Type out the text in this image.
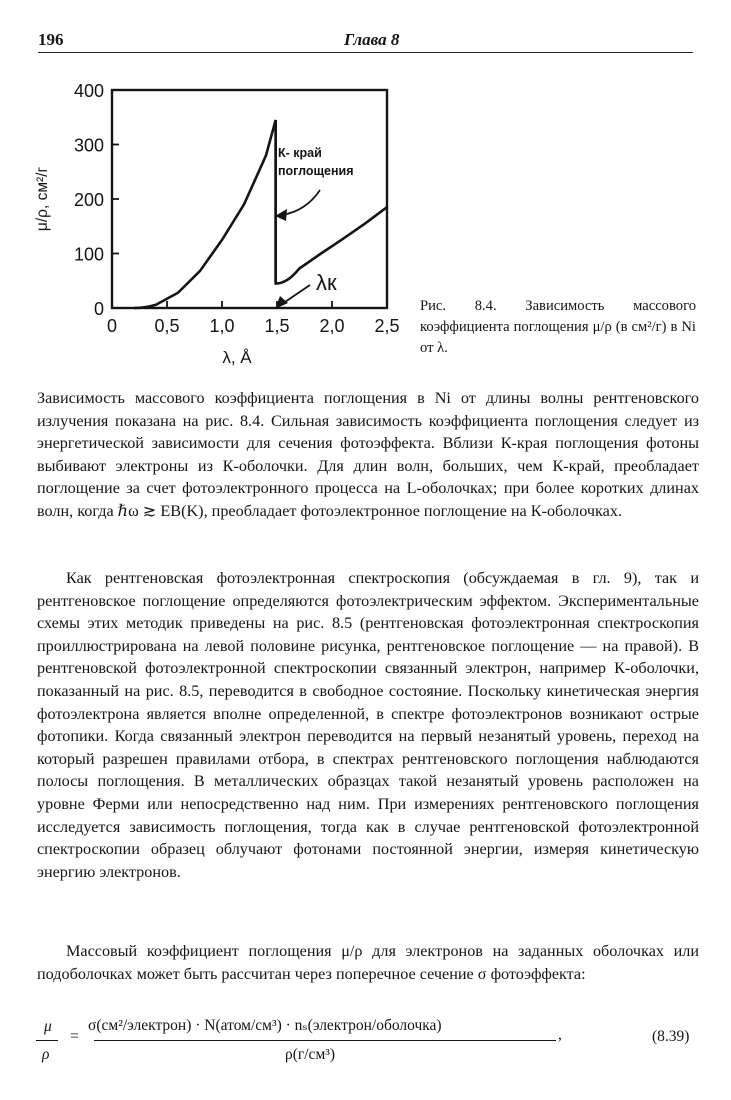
196	Глава 8
0 0,5 1,0 1,5 2,0 2,5
0
100
200
300
400
λ, Å
μ/ρ, см²/г
К- край
поглощения
λк
Рис. 8.4. Зависимость массового коэффициента поглощения μ/ρ (в см²/г) в Ni от λ.

Зависимость массового коэффициента поглощения в Ni от длины волны рентгеновского излучения показана на рис. 8.4. Сильная зависимость коэффициента поглощения следует из энергетической зависимости для сечения фотоэффекта. Вблизи К-края поглощения фотоны выбивают электроны из К-оболочки. Для длин волн, больших, чем К-край, преобладает поглощение за счет фотоэлектронного процесса на L-оболочках; при более коротких длинах волн, когда ℏω ≳ EB(K), преобладает фотоэлектронное поглощение на К-оболочках.

Как рентгеновская фотоэлектронная спектроскопия (обсуждаемая в гл. 9), так и рентгеновское поглощение определяются фотоэлектрическим эффектом. Экспериментальные схемы этих методик приведены на рис. 8.5 (рентгеновская фотоэлектронная спектроскопия проиллюстрирована на левой половине рисунка, рентгеновское поглощение — на правой). В рентгеновской фотоэлектронной спектроскопии связанный электрон, например К-оболочки, показанный на рис. 8.5, переводится в свободное состояние. Поскольку кинетическая энергия фотоэлектрона является вполне определенной, в спектре фотоэлектронов возникают острые фотопики. Когда связанный электрон переводится на первый незанятый уровень, переход на который разрешен правилами отбора, в спектрах рентгеновского поглощения наблюдаются полосы поглощения. В металлических образцах такой незанятый уровень расположен на уровне Ферми или непосредственно над ним. При измерениях рентгеновского поглощения исследуется зависимость поглощения, тогда как в случае рентгеновской фотоэлектронной спектроскопии образец облучают фотонами постоянной энергии, измеряя кинетическую энергию электронов.

Массовый коэффициент поглощения μ/ρ для электронов на заданных оболочках или подоболочках может быть рассчитан через поперечное сечение σ фотоэффекта:

μ
ρ
=
σ(см²/электрон) · N(атом/см³) · nₛ(электрон/оболочка)
ρ(г/см³)
,	(8.39)
